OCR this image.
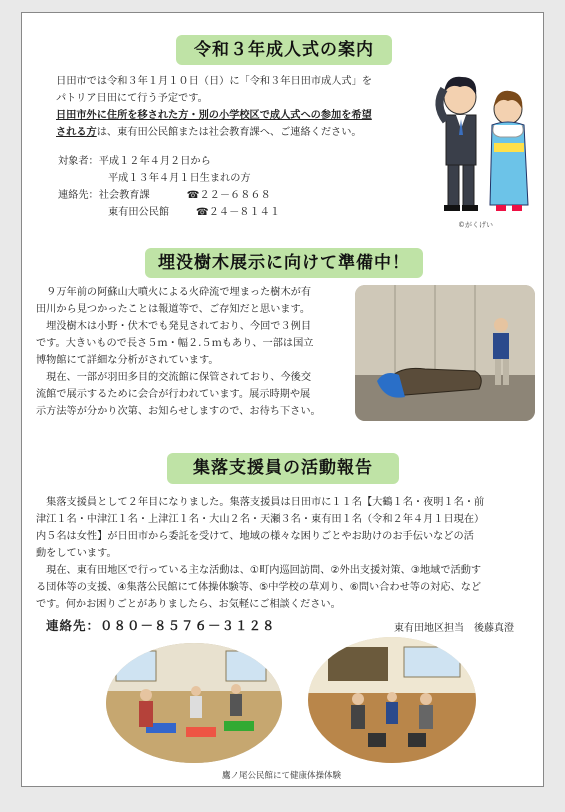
令和３年成人式の案内
　日田市では令和３年１月１０日（日）に「令和３年日田市成人式」を
パトリア日田にて行う予定です。
日田市外に住所を移された方・別の小学校区で成人式への参加を希望
される方は、東有田公民館または社会教育課へ、ご連絡ください。
対象者：平成１２年４月２日から
平成１３年４月１日生まれの方
連絡先：社会教育課	☎２２－６８６８
東有田公民館	☎２４－８１４１
©がくげい
埋没樹木展示に向けて準備中！
　９万年前の阿蘇山大噴火による火砕流で埋まった樹木が有
田川から見つかったことは報道等で、ご存知だと思います。
　埋没樹木は小野・伏木でも発見されており、今回で３例目
です。大きいもので長さ５ｍ・幅２.５ｍもあり、一部は国立
博物館にて詳細な分析がされています。
　現在、一部が羽田多目的交流館に保管されており、今後交
流館で展示するために会合が行われています。展示時期や展
示方法等が分かり次第、お知らせしますので、お待ち下さい。
集落支援員の活動報告
　集落支援員として２年目になりました。集落支援員は日田市に１１名【大鶴１名・夜明１名・前
津江１名・中津江１名・上津江１名・大山２名・天瀬３名・東有田１名（令和２年４月１日現在）
内５名は女性】が日田市から委託を受けて、地域の様々な困りごとやお助けのお手伝いなどの活
動をしています。
　現在、東有田地区で行っている主な活動は、①町内巡回訪問、②外出支援対策、③地域で活動す
る団体等の支援、④集落公民館にて体操体験等、⑤中学校の草刈り、⑥問い合わせ等の対応、など
です。何かお困りごとがありましたら、お気軽にご相談ください。
連絡先：０８０－８５７６－３１２８	東有田地区担当　後藤真澄
鷹ノ尾公民館にて健康体操体験
